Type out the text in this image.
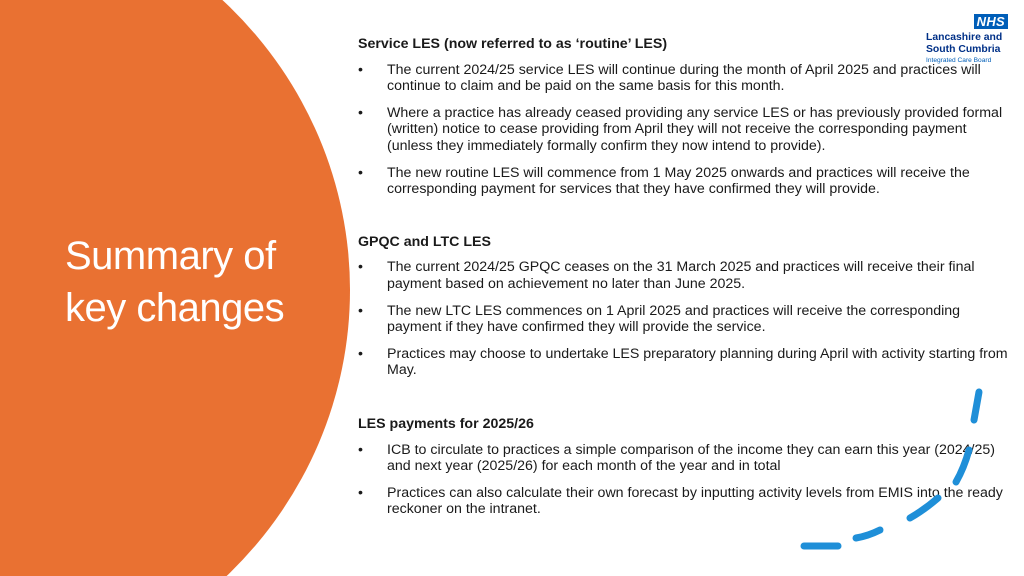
Summary of
key changes
NHS
Lancashire and
South Cumbria
Integrated Care Board

Service LES (now referred to as ‘routine’ LES)

• The current 2024/25 service LES will continue during the month of April 2025 and practices will continue to claim and be paid on the same basis for this month.
• Where a practice has already ceased providing any service LES or has previously provided formal (written) notice to cease providing from April they will not receive the corresponding payment (unless they immediately formally confirm they now intend to provide).
• The new routine LES will commence from 1 May 2025 onwards and practices will receive the corresponding payment for services that they have confirmed they will provide.

GPQC and LTC LES

• The current 2024/25 GPQC ceases on the 31 March 2025 and practices will receive their final payment based on achievement no later than June 2025.
• The new LTC LES commences on 1 April 2025 and practices will receive the corresponding payment if they have confirmed they will provide the service.
• Practices may choose to undertake LES preparatory planning during April with activity starting from May.

LES payments for 2025/26

• ICB to circulate to practices a simple comparison of the income they can earn this year (2024/25) and next year (2025/26) for each month of the year and in total
• Practices can also calculate their own forecast by inputting activity levels from EMIS into the ready reckoner on the intranet.
